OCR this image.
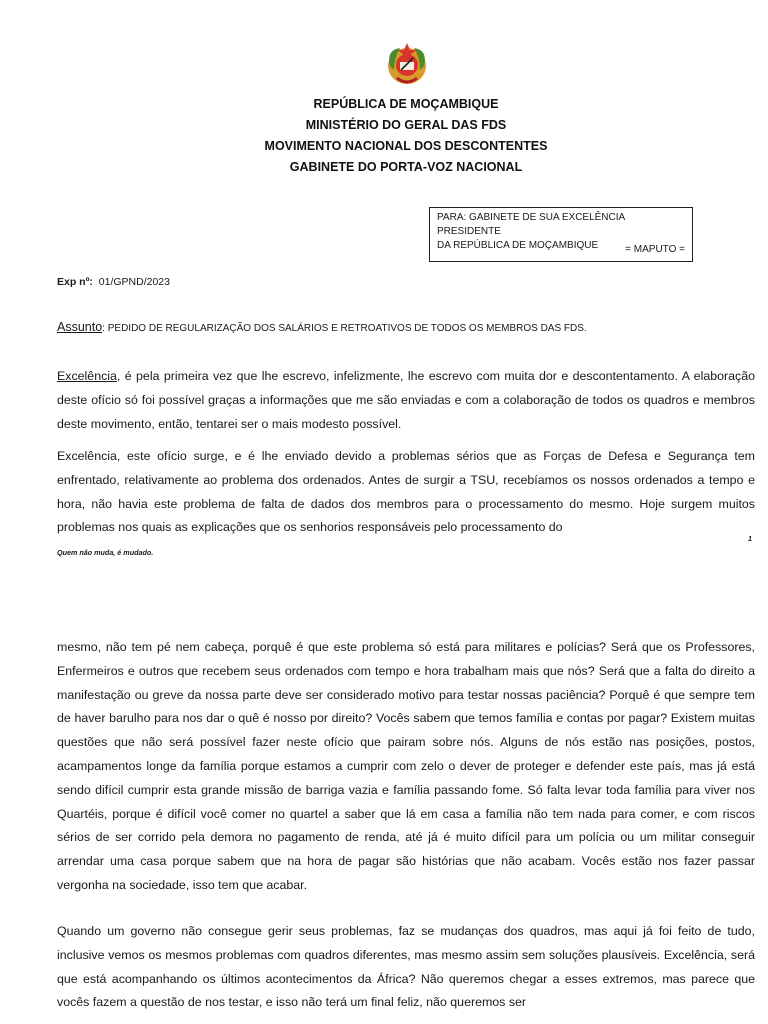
REPÚBLICA DE MOÇAMBIQUE
MINISTÉRIO DO GERAL DAS FDS
MOVIMENTO NACIONAL DOS DESCONTENTES
GABINETE DO PORTA-VOZ NACIONAL
PARA: GABINETE DE SUA EXCELÊNCIA PRESIDENTE
DA REPÚBLICA DE MOÇAMBIQUE	= MAPUTO =
Exp nº: 01/GPND/2023
Assunto: PEDIDO DE REGULARIZAÇÃO DOS SALÁRIOS E RETROATIVOS DE TODOS OS MEMBROS DAS FDS.

Excelência, é pela primeira vez que lhe escrevo, infelizmente, lhe escrevo com muita dor e descontentamento. A elaboração deste ofício só foi possível graças a informações que me são enviadas e com a colaboração de todos os quadros e membros deste movimento, então, tentarei ser o mais modesto possível.

Excelência, este ofício surge, e é lhe enviado devido a problemas sérios que as Forças de Defesa e Segurança tem enfrentado, relativamente ao problema dos ordenados. Antes de surgir a TSU, recebíamos os nossos ordenados a tempo e hora, não havia este problema de falta de dados dos membros para o processamento do mesmo. Hoje surgem muitos problemas nos quais as explicações que os senhorios responsáveis pelo processamento do

1
Quem não muda, é mudado.

mesmo, não tem pé nem cabeça, porquê é que este problema só está para militares e polícias? Será que os Professores, Enfermeiros e outros que recebem seus ordenados com tempo e hora trabalham mais que nós? Será que a falta do direito a manifestação ou greve da nossa parte deve ser considerado motivo para testar nossas paciência? Porquê é que sempre tem de haver barulho para nos dar o quê é nosso por direito? Vocês sabem que temos família e contas por pagar? Existem muitas questões que não será possível fazer neste ofício que pairam sobre nós. Alguns de nós estão nas posições, postos, acampamentos longe da família porque estamos a cumprir com zelo o dever de proteger e defender este país, mas já está sendo difícil cumprir esta grande missão de barriga vazia e família passando fome. Só falta levar toda família para viver nos Quartéis, porque é difícil você comer no quartel a saber que lá em casa a família não tem nada para comer, e com riscos sérios de ser corrido pela demora no pagamento de renda, até já é muito difícil para um polícia ou um militar conseguir arrendar uma casa porque sabem que na hora de pagar são histórias que não acabam. Vocês estão nos fazer passar vergonha na sociedade, isso tem que acabar.

Quando um governo não consegue gerir seus problemas, faz se mudanças dos quadros, mas aqui já foi feito de tudo, inclusive vemos os mesmos problemas com quadros diferentes, mas mesmo assim sem soluções plausíveis. Excelência, será que está acompanhando os últimos acontecimentos da África? Não queremos chegar a esses extremos, mas parece que vocês fazem a questão de nos testar, e isso não terá um final feliz, não queremos ser
